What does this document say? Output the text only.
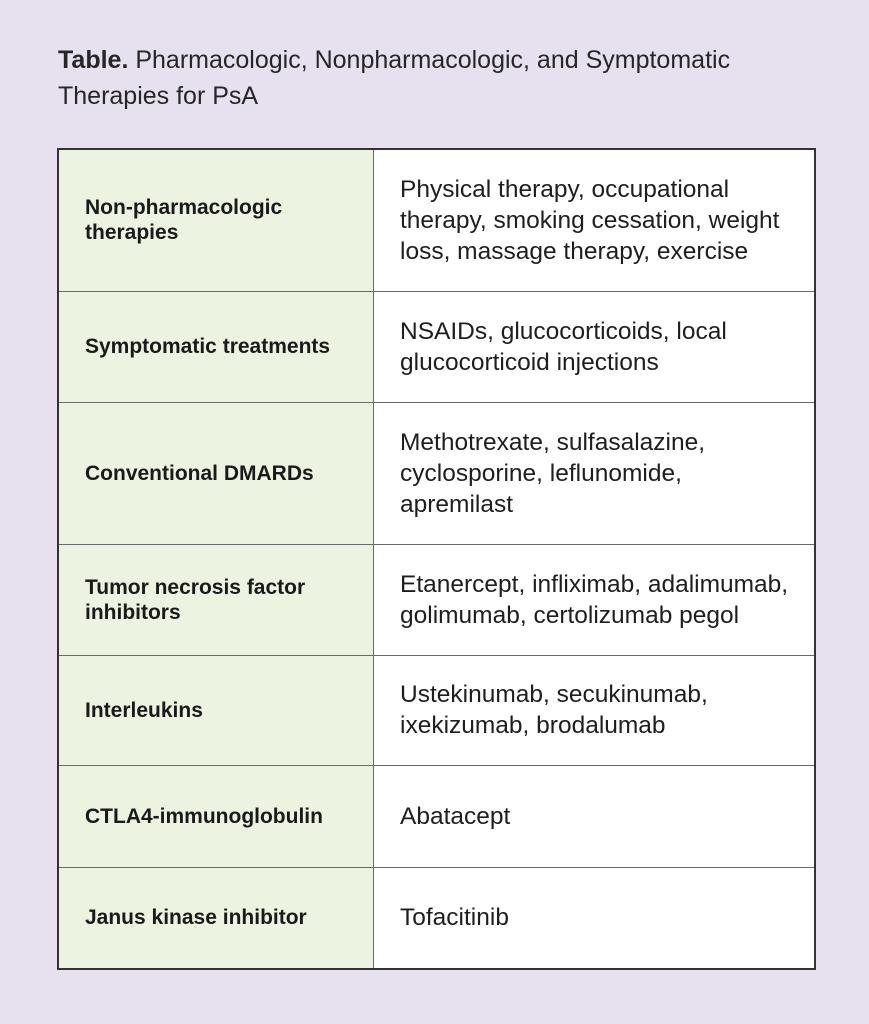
Table. Pharmacologic, Nonpharmacologic, and Symptomatic Therapies for PsA
Non-pharmacologic therapies	Physical therapy, occupational therapy, smoking cessation, weight loss, massage therapy, exercise
Symptomatic treatments	NSAIDs, glucocorticoids, local glucocorticoid injections
Conventional DMARDs	Methotrexate, sulfasalazine, cyclosporine, leflunomide, apremilast
Tumor necrosis factor inhibitors	Etanercept, infliximab, adalimumab, golimumab, certolizumab pegol
Interleukins	Ustekinumab, secukinumab, ixekizumab, brodalumab
CTLA4-immunoglobulin	Abatacept
Janus kinase inhibitor	Tofacitinib
